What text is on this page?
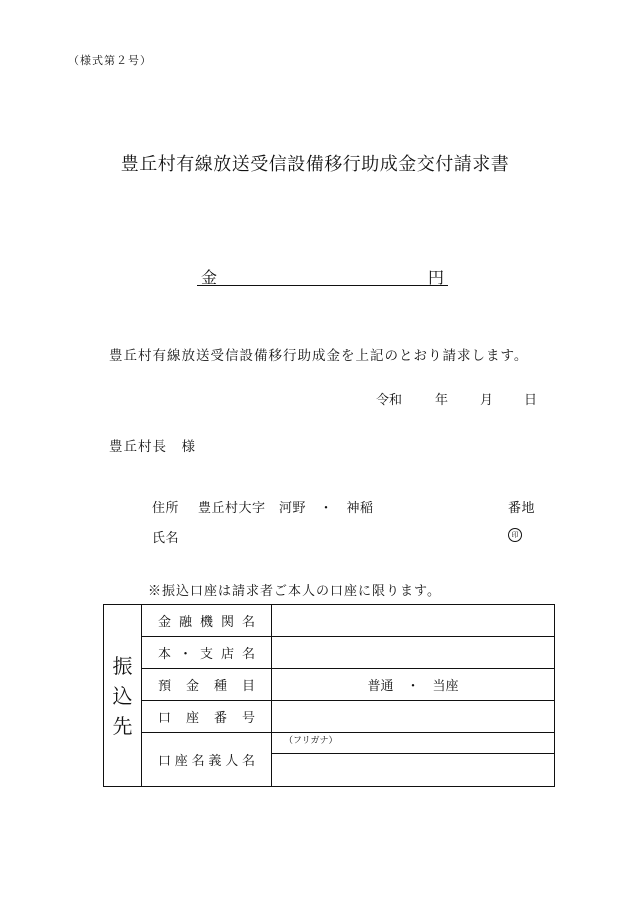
（様式第２号）
豊丘村有線放送受信設備移行助成金交付請求書
金	円
豊丘村有線放送受信設備移行助成金を上記のとおり請求します。
令和	年 月 日
豊丘村長　様
住所 豊丘村大字　河野　・　神稲	番地
氏名	印
※振込口座は請求者ご本人の口座に限ります。
振
込
先	金融機関名	

	本・支店名	

	預金種目	普通　・　当座

	口座番号	

	口座名義人名	（フリガナ）
